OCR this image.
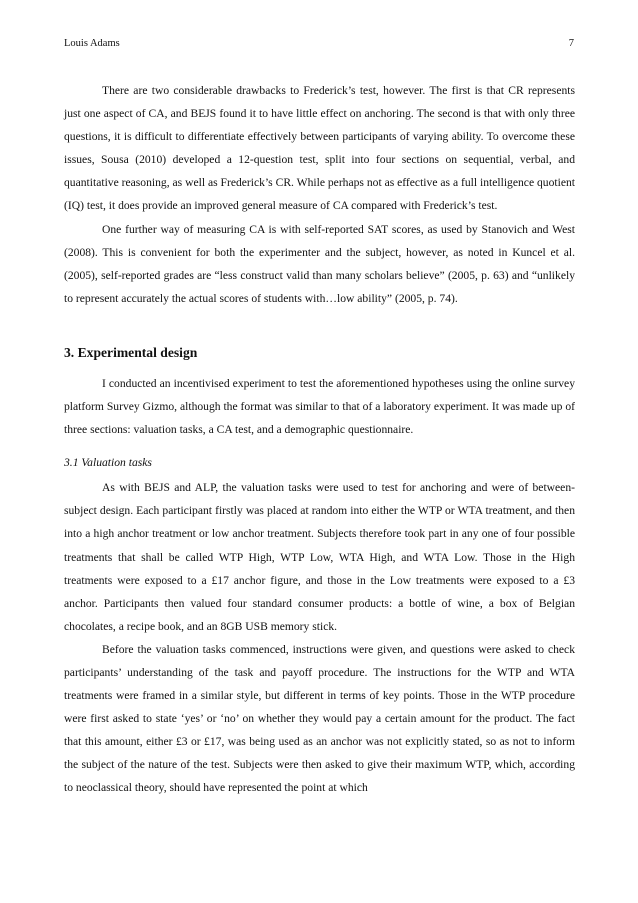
Louis Adams	7

There are two considerable drawbacks to Frederick’s test, however. The first is that CR represents just one aspect of CA, and BEJS found it to have little effect on anchoring. The second is that with only three questions, it is difficult to differentiate effectively between participants of varying ability. To overcome these issues, Sousa (2010) developed a 12-question test, split into four sections on sequential, verbal, and quantitative reasoning, as well as Frederick’s CR. While perhaps not as effective as a full intelligence quotient (IQ) test, it does provide an improved general measure of CA compared with Frederick’s test.

One further way of measuring CA is with self-reported SAT scores, as used by Stanovich and West (2008). This is convenient for both the experimenter and the subject, however, as noted in Kuncel et al. (2005), self-reported grades are “less construct valid than many scholars believe” (2005, p. 63) and “unlikely to represent accurately the actual scores of students with…low ability” (2005, p. 74).

3. Experimental design

I conducted an incentivised experiment to test the aforementioned hypotheses using the online survey platform Survey Gizmo, although the format was similar to that of a laboratory experiment. It was made up of three sections: valuation tasks, a CA test, and a demographic questionnaire.

3.1 Valuation tasks

As with BEJS and ALP, the valuation tasks were used to test for anchoring and were of between-subject design. Each participant firstly was placed at random into either the WTP or WTA treatment, and then into a high anchor treatment or low anchor treatment. Subjects therefore took part in any one of four possible treatments that shall be called WTP High, WTP Low, WTA High, and WTA Low. Those in the High treatments were exposed to a £17 anchor figure, and those in the Low treatments were exposed to a £3 anchor. Participants then valued four standard consumer products: a bottle of wine, a box of Belgian chocolates, a recipe book, and an 8GB USB memory stick.

Before the valuation tasks commenced, instructions were given, and questions were asked to check participants’ understanding of the task and payoff procedure. The instructions for the WTP and WTA treatments were framed in a similar style, but different in terms of key points. Those in the WTP procedure were first asked to state ‘yes’ or ‘no’ on whether they would pay a certain amount for the product. The fact that this amount, either £3 or £17, was being used as an anchor was not explicitly stated, so as not to inform the subject of the nature of the test. Subjects were then asked to give their maximum WTP, which, according to neoclassical theory, should have represented the point at which
